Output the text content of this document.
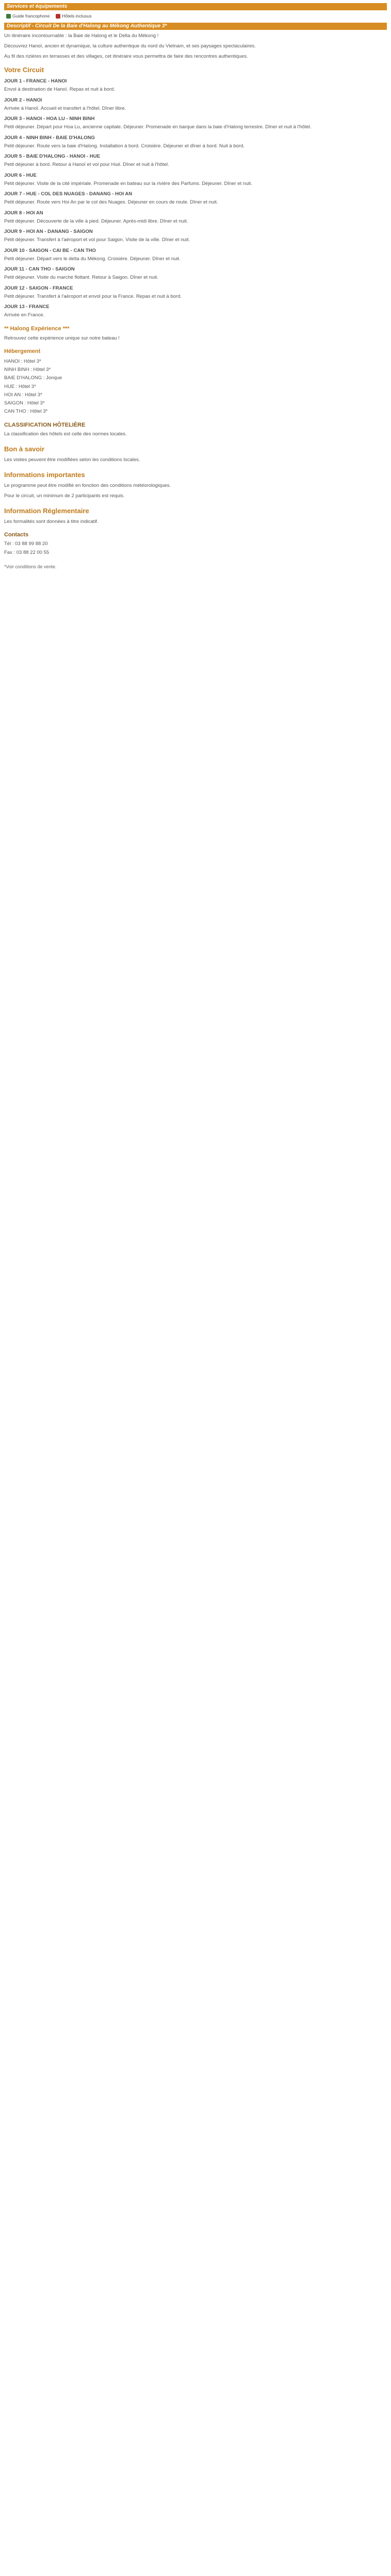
Services et équipements
Guide francophone	Hôtels inclusus
Descriptif - Circuit De la Baie d'Halong au Mékong Authentique 3*

Un itinéraire incontournable : la Baie de Halong et le Delta du Mékong !

Découvrez Hanoï, ancien et dynamique, la culture authentique du nord du Vietnam, et ses paysages spectaculaires.

Au fil des rizières en terrasses et des villages, cet itinéraire vous permettra de faire des rencontres authentiques.

Votre Circuit
JOUR 1 - FRANCE - HANOI
Envol à destination de Hanoï. Repas et nuit à bord.
JOUR 2 - HANOI
Arrivée à Hanoï. Accueil et transfert à l'hôtel. Dîner libre.
JOUR 3 - HANOI - HOA LU - NINH BINH
Petit déjeuner. Départ pour Hoa Lu, ancienne capitale. Déjeuner. Promenade en barque dans la baie d'Halong terrestre. Dîner et nuit à l'hôtel.
JOUR 4 - NINH BINH - BAIE D'HALONG
Petit déjeuner. Route vers la baie d'Halong. Installation à bord. Croisière. Déjeuner et dîner à bord. Nuit à bord.
JOUR 5 - BAIE D'HALONG - HANOI - HUE
Petit déjeuner à bord. Retour à Hanoï et vol pour Hué. Dîner et nuit à l'hôtel.
JOUR 6 - HUE
Petit déjeuner. Visite de la cité impériale. Promenade en bateau sur la rivière des Parfums. Déjeuner. Dîner et nuit.
JOUR 7 - HUE - COL DES NUAGES - DANANG - HOI AN
Petit déjeuner. Route vers Hoi An par le col des Nuages. Déjeuner en cours de route. Dîner et nuit.
JOUR 8 - HOI AN
Petit déjeuner. Découverte de la ville à pied. Déjeuner. Après-midi libre. Dîner et nuit.
JOUR 9 - HOI AN - DANANG - SAIGON
Petit déjeuner. Transfert à l'aéroport et vol pour Saigon. Visite de la ville. Dîner et nuit.
JOUR 10 - SAIGON - CAI BE - CAN THO
Petit déjeuner. Départ vers le delta du Mékong. Croisière. Déjeuner. Dîner et nuit.
JOUR 11 - CAN THO - SAIGON
Petit déjeuner. Visite du marché flottant. Retour à Saigon. Dîner et nuit.
JOUR 12 - SAIGON - FRANCE
Petit déjeuner. Transfert à l'aéroport et envol pour la France. Repas et nuit à bord.
JOUR 13 - FRANCE
Arrivée en France.
** Halong Expérience ***

Retrouvez cette expérience unique sur notre bateau !

Hébergement
HANOI : Hôtel 3*
NINH BINH : Hôtel 3*
BAIE D'HALONG : Jonque
HUE : Hôtel 3*
HOI AN : Hôtel 3*
SAIGON : Hôtel 3*
CAN THO : Hôtel 3*
CLASSIFICATION HÔTELIÈRE

La classification des hôtels est celle des normes locales.

Bon à savoir

Les visites peuvent être modifiées selon les conditions locales.

Informations importantes

Le programme peut être modifié en fonction des conditions météorologiques.

Pour le circuit, un minimum de 2 participants est requis.

Information Réglementaire

Les formalités sont données à titre indicatif.

Contacts
Tél : 03 88 99 88 20
Fax : 03 88 22 00 55
*Voir conditions de vente.
